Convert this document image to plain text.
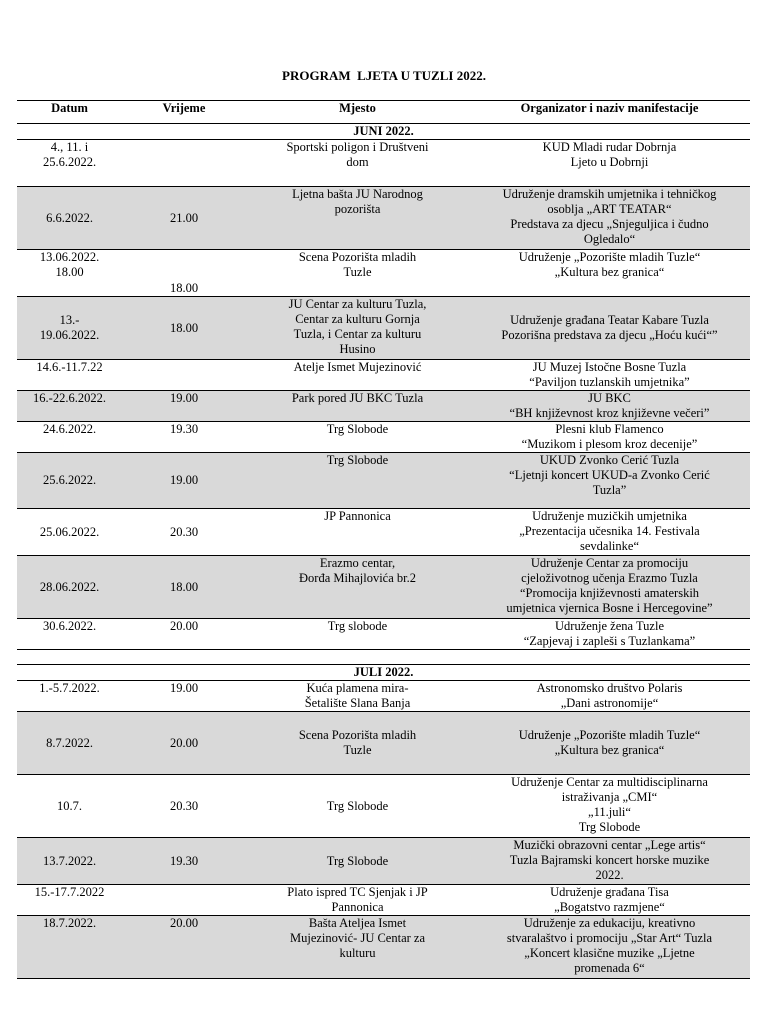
PROGRAM  LJETA U TUZLI 2022.
Datum	Vrijeme	Mjesto	Organizator i naziv manifestacije
JUNI 2022.			

4., 11. i
25.6.2022.		Sportski poligon i Društveni
dom	KUD Mladi rudar Dobrnja
Ljeto u Dobrnji

6.6.2022.	21.00	Ljetna bašta JU Narodnog
pozorišta	Udruženje dramskih umjetnika i tehničkog
osoblja „ART TEATAR“
Predstava za djecu „Snjeguljica i čudno
Ogledalo“

13.06.2022.
18.00	18.00	Scena Pozorišta mladih
Tuzle	Udruženje „Pozorište mladih Tuzle“
„Kultura bez granica“

13.-
19.06.2022.	18.00	JU Centar za kulturu Tuzla,
Centar za kulturu Gornja
Tuzla, i Centar za kulturu
Husino	Udruženje građana Teatar Kabare Tuzla
Pozorišna predstava za djecu „Hoću kući“”

14.6.-11.7.22		Atelje Ismet Mujezinović	JU Muzej Istočne Bosne Tuzla
“Paviljon tuzlanskih umjetnika”

16.-22.6.2022.	19.00	Park pored JU BKC Tuzla	JU BKC
“BH književnost kroz književne večeri”

24.6.2022.	19.30	Trg Slobode	Plesni klub Flamenco
“Muzikom i plesom kroz decenije”

25.6.2022.	19.00	Trg Slobode	UKUD Zvonko Cerić Tuzla
“Ljetnji koncert UKUD-a Zvonko Cerić
Tuzla”

25.06.2022.	20.30	JP Pannonica	Udruženje muzičkih umjetnika
„Prezentacija učesnika 14. Festivala
sevdalinke“

28.06.2022.	18.00	Erazmo centar,
Đorđa Mihajlovića br.2	Udruženje Centar za promociju
cjeloživotnog učenja Erazmo Tuzla
“Promocija književnosti amaterskih
umjetnica vjernica Bosne i Hercegovine”

30.6.2022.	20.00	Trg slobode	Udruženje žena Tuzle
“Zapjevaj i zapleši s Tuzlankama”

JULI 2022.			

1.-5.7.2022.	19.00	Kuća plamena mira-
Šetalište Slana Banja	Astronomsko društvo Polaris
„Dani astronomije“

8.7.2022.	20.00	Scena Pozorišta mladih
Tuzle	Udruženje „Pozorište mladih Tuzle“
„Kultura bez granica“

10.7.	20.30	Trg Slobode	Udruženje Centar za multidisciplinarna
istraživanja „CMI“
„11.juli“
Trg Slobode

13.7.2022.	19.30	Trg Slobode	Muzički obrazovni centar „Lege artis“
Tuzla Bajramski koncert horske muzike
2022.

15.-17.7.2022		Plato ispred TC Sjenjak i JP
Pannonica	Udruženje građana Tisa
„Bogatstvo razmjene“

18.7.2022.	20.00	Bašta Ateljea Ismet
Mujezinović- JU Centar za
kulturu	Udruženje za edukaciju, kreativno
stvaralaštvo i promociju „Star Art“ Tuzla
„Koncert klasične muzike „Ljetne
promenada 6“
